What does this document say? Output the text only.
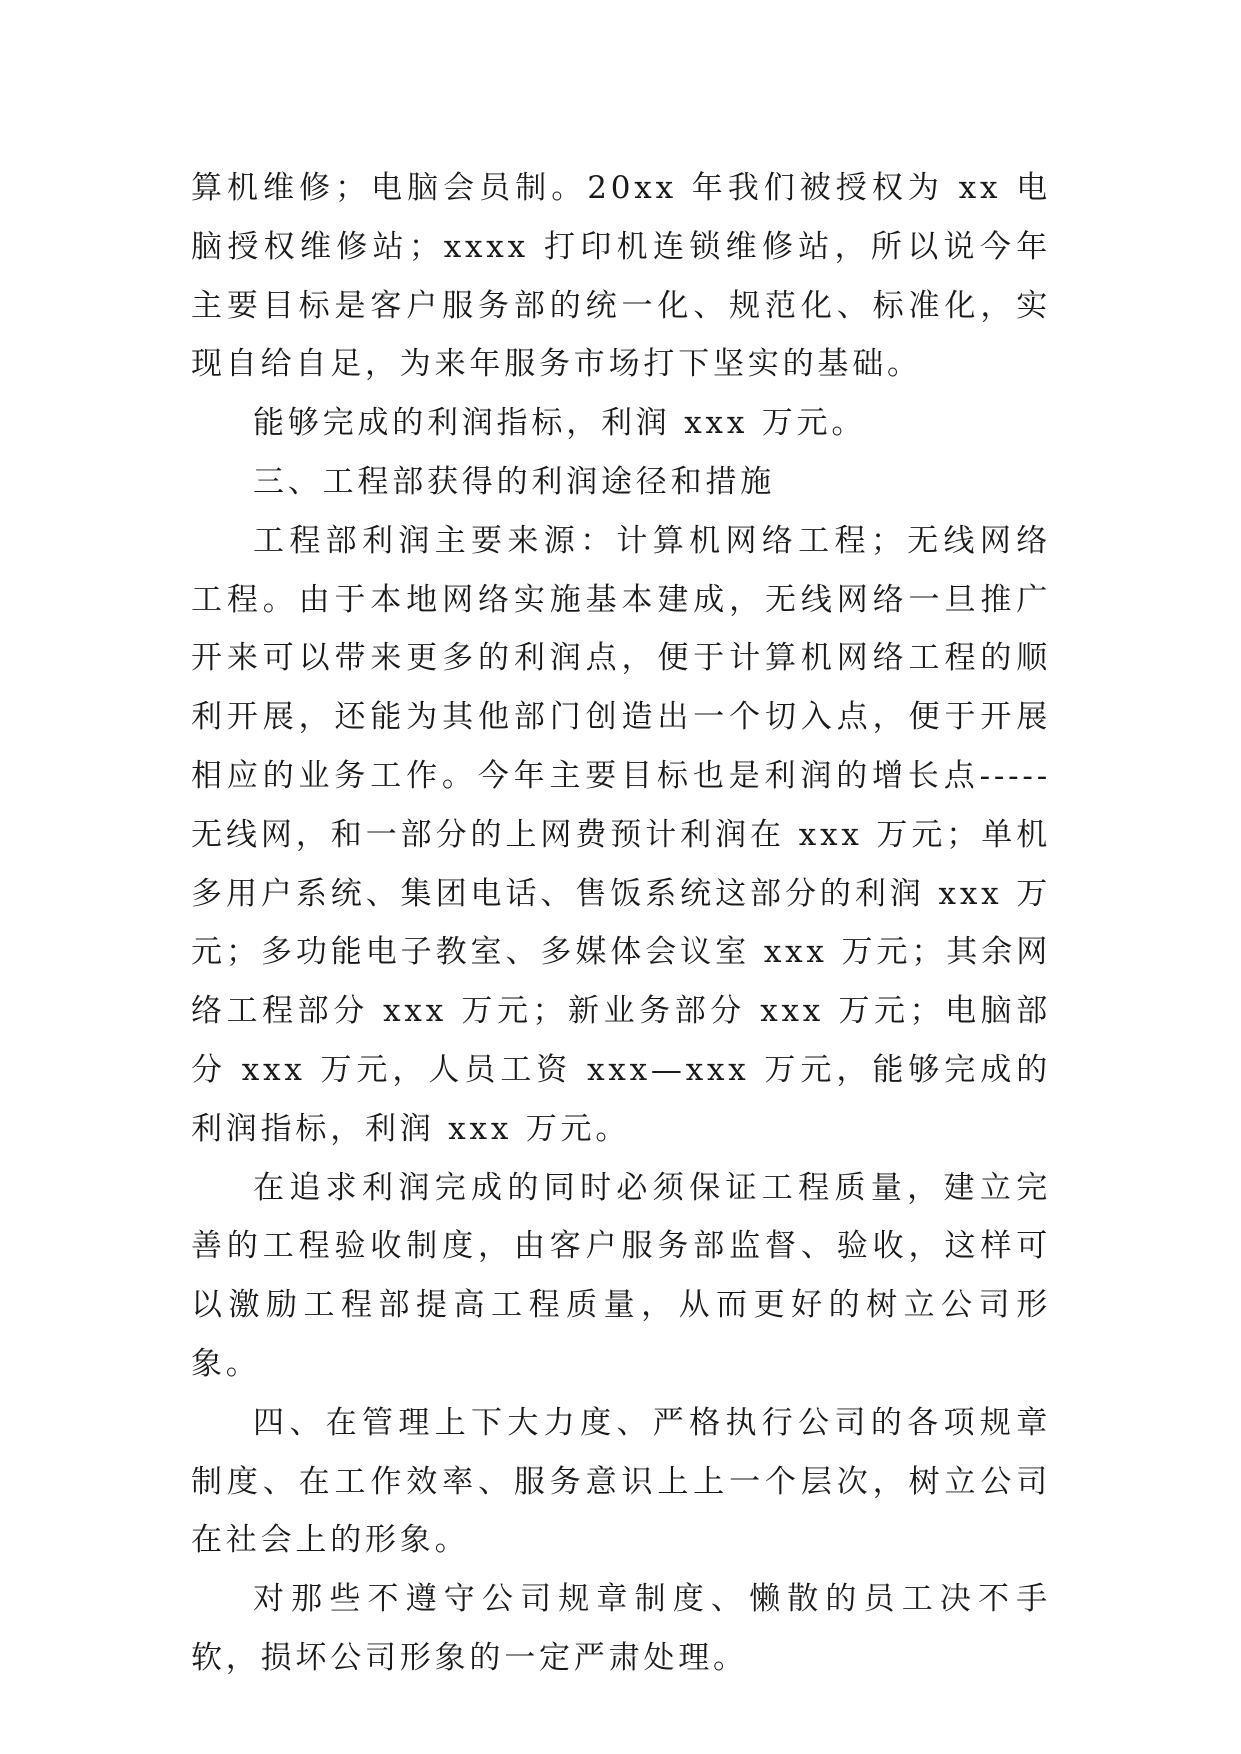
算机维修；电脑会员制。20xx 年我们被授权为 xx 电脑授权维修站；xxxx 打印机连锁维修站，所以说今年主要目标是客户服务部的统一化、规范化、标准化，实现自给自足，为来年服务市场打下坚实的基础。

能够完成的利润指标，利润 xxx 万元。

三、工程部获得的利润途径和措施

工程部利润主要来源：计算机网络工程；无线网络工程。由于本地网络实施基本建成，无线网络一旦推广开来可以带来更多的利润点，便于计算机网络工程的顺利开展，还能为其他部门创造出一个切入点，便于开展相应的业务工作。今年主要目标也是利润的增长点-----无线网，和一部分的上网费预计利润在 xxx 万元；单机多用户系统、集团电话、售饭系统这部分的利润 xxx 万元；多功能电子教室、多媒体会议室 xxx 万元；其余网络工程部分 xxx 万元；新业务部分 xxx 万元；电脑部分 xxx 万元，人员工资 xxx—xxx 万元，能够完成的利润指标，利润 xxx 万元。

在追求利润完成的同时必须保证工程质量，建立完善的工程验收制度，由客户服务部监督、验收，这样可以激励工程部提高工程质量，从而更好的树立公司形象。

四、在管理上下大力度、严格执行公司的各项规章制度、在工作效率、服务意识上上一个层次，树立公司在社会上的形象。

对那些不遵守公司规章制度、懒散的员工决不手软，损坏公司形象的一定严肃处理。
